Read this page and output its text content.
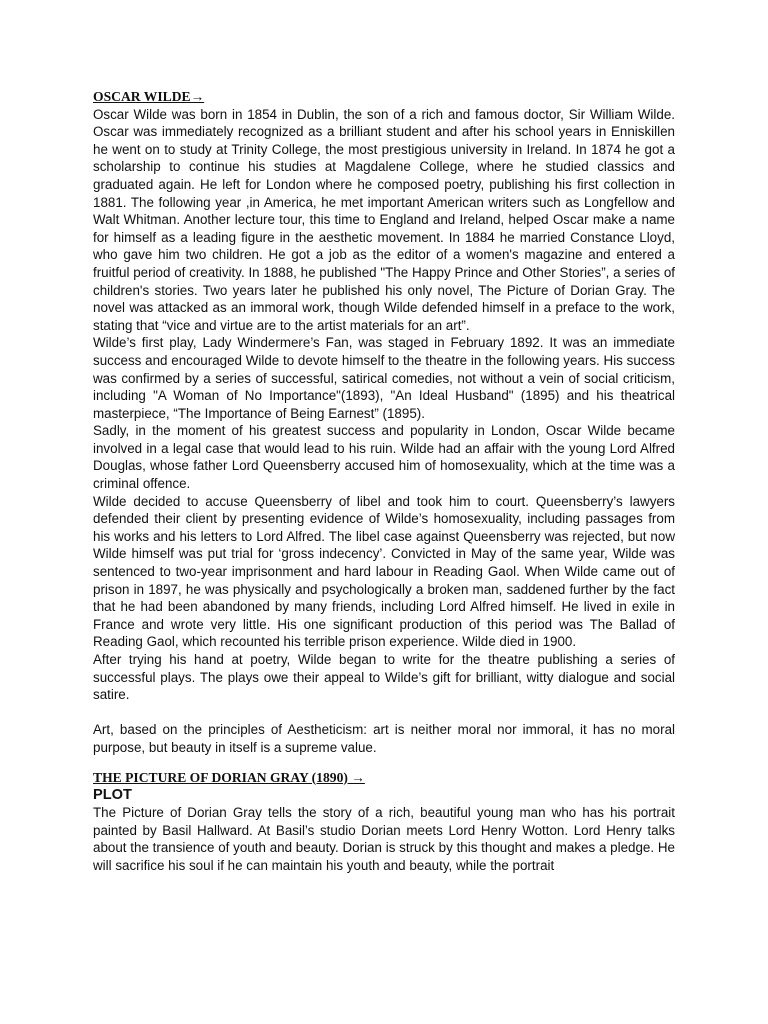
OSCAR WILDE→

Oscar Wilde was born in 1854 in Dublin, the son of a rich and famous doctor, Sir William Wilde. Oscar was immediately recognized as a brilliant student and after his school years in Enniskillen he went on to study at Trinity College, the most prestigious university in Ireland. In 1874 he got a scholarship to continue his studies at Magdalene College, where he studied classics and graduated again. He left for London where he composed poetry, publishing his first collection in 1881. The following year ,in America, he met important American writers such as Longfellow and Walt Whitman. Another lecture tour, this time to England and Ireland, helped Oscar make a name for himself as a leading figure in the aesthetic movement. In 1884 he married Constance Lloyd, who gave him two children. He got a job as the editor of a women's magazine and entered a fruitful period of creativity. In 1888, he published "The Happy Prince and Other Stories”, a series of children's stories. Two years later he published his only novel, The Picture of Dorian Gray. The novel was attacked as an immoral work, though Wilde defended himself in a preface to the work, stating that “vice and virtue are to the artist materials for an art”.

Wilde’s first play, Lady Windermere’s Fan, was staged in February 1892. It was an immediate success and encouraged Wilde to devote himself to the theatre in the following years. His success was confirmed by a series of successful, satirical comedies, not without a vein of social criticism, including "A Woman of No Importance"(1893), "An Ideal Husband" (1895) and his theatrical masterpiece, “The Importance of Being Earnest” (1895).

Sadly, in the moment of his greatest success and popularity in London, Oscar Wilde became involved in a legal case that would lead to his ruin. Wilde had an affair with the young Lord Alfred Douglas, whose father Lord Queensberry accused him of homosexuality, which at the time was a criminal offence.

Wilde decided to accuse Queensberry of libel and took him to court. Queensberry’s lawyers defended their client by presenting evidence of Wilde’s homosexuality, including passages from his works and his letters to Lord Alfred. The libel case against Queensberry was rejected, but now Wilde himself was put trial for ‘gross indecency’. Convicted in May of the same year, Wilde was sentenced to two-year imprisonment and hard labour in Reading Gaol. When Wilde came out of prison in 1897, he was physically and psychologically a broken man, saddened further by the fact that he had been abandoned by many friends, including Lord Alfred himself. He lived in exile in France and wrote very little. His one significant production of this period was The Ballad of Reading Gaol, which recounted his terrible prison experience. Wilde died in 1900.

After trying his hand at poetry, Wilde began to write for the theatre publishing a series of successful plays. The plays owe their appeal to Wilde’s gift for brilliant, witty dialogue and social satire.

Art, based on the principles of Aestheticism: art is neither moral nor immoral, it has no moral purpose, but beauty in itself is a supreme value.

THE PICTURE OF DORIAN GRAY (1890) →
PLOT

The Picture of Dorian Gray tells the story of a rich, beautiful young man who has his portrait painted by Basil Hallward. At Basil’s studio Dorian meets Lord Henry Wotton. Lord Henry talks about the transience of youth and beauty. Dorian is struck by this thought and makes a pledge. He will sacrifice his soul if he can maintain his youth and beauty, while the portrait
